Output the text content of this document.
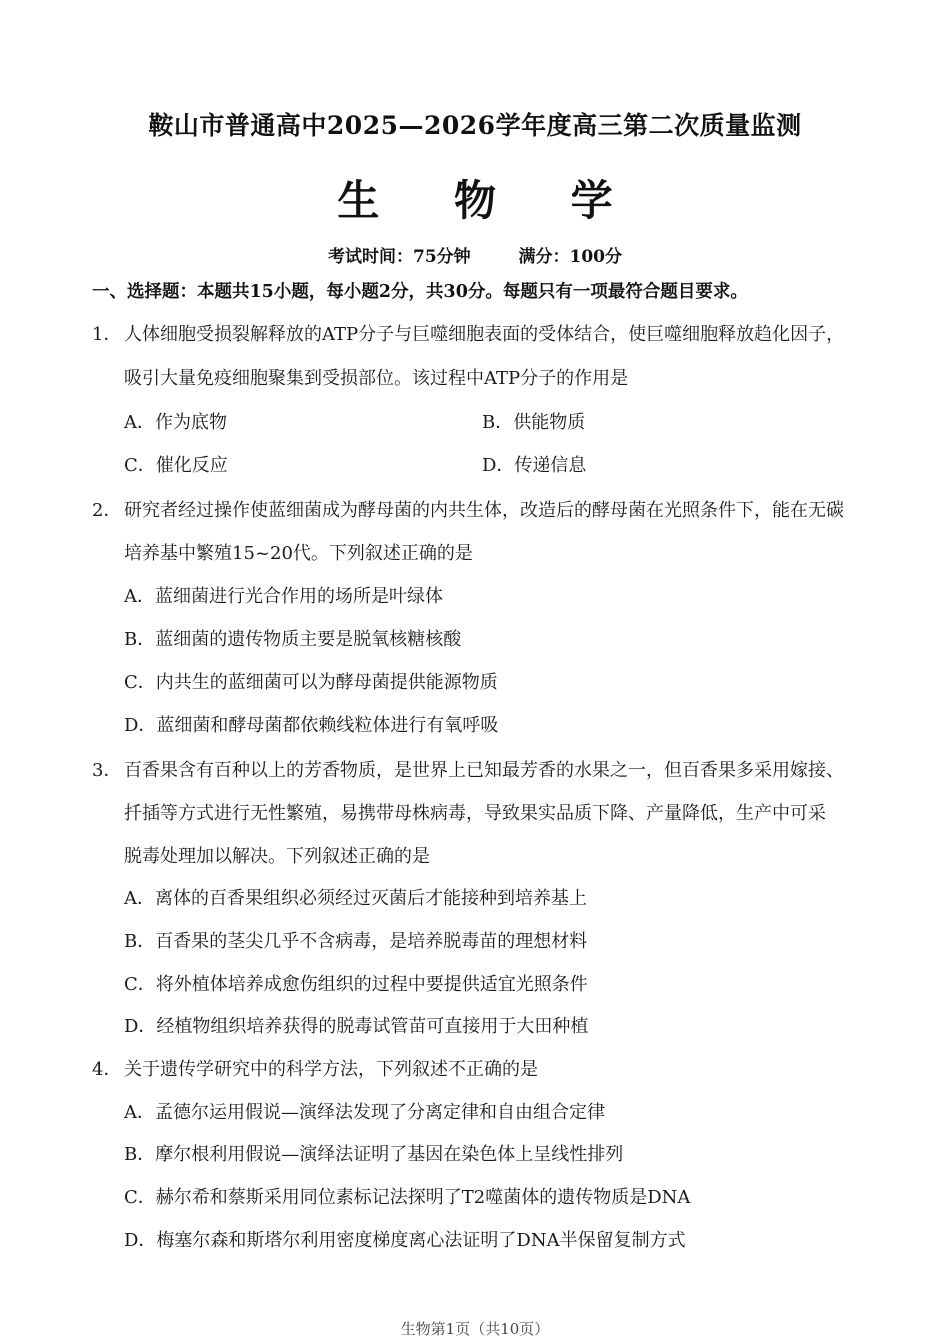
鞍山市普通高中2025—2026学年度高三第二次质量监测
生 物 学
考试时间：75分钟	满分：100分
一、选择题：本题共15小题，每小题2分，共30分。每题只有一项最符合题目要求。
1． 人体细胞受损裂解释放的ATP分子与巨噬细胞表面的受体结合，使巨噬细胞释放趋化因子，
吸引大量免疫细胞聚集到受损部位。该过程中ATP分子的作用是
A．作为底物	B．供能物质
C．催化反应	D．传递信息
2． 研究者经过操作使蓝细菌成为酵母菌的内共生体，改造后的酵母菌在光照条件下，能在无碳
培养基中繁殖15~20代。下列叙述正确的是
A．蓝细菌进行光合作用的场所是叶绿体
B．蓝细菌的遗传物质主要是脱氧核糖核酸
C．内共生的蓝细菌可以为酵母菌提供能源物质
D．蓝细菌和酵母菌都依赖线粒体进行有氧呼吸
3． 百香果含有百种以上的芳香物质，是世界上已知最芳香的水果之一，但百香果多采用嫁接、
扦插等方式进行无性繁殖，易携带母株病毒，导致果实品质下降、产量降低，生产中可采
脱毒处理加以解决。下列叙述正确的是
A．离体的百香果组织必须经过灭菌后才能接种到培养基上
B．百香果的茎尖几乎不含病毒，是培养脱毒苗的理想材料
C．将外植体培养成愈伤组织的过程中要提供适宜光照条件
D．经植物组织培养获得的脱毒试管苗可直接用于大田种植
4． 关于遗传学研究中的科学方法，下列叙述不正确的是
A．孟德尔运用假说—演绎法发现了分离定律和自由组合定律
B．摩尔根利用假说—演绎法证明了基因在染色体上呈线性排列
C．赫尔希和蔡斯采用同位素标记法探明了T2噬菌体的遗传物质是DNA
D．梅塞尔森和斯塔尔利用密度梯度离心法证明了DNA半保留复制方式
生物第1页（共10页）
